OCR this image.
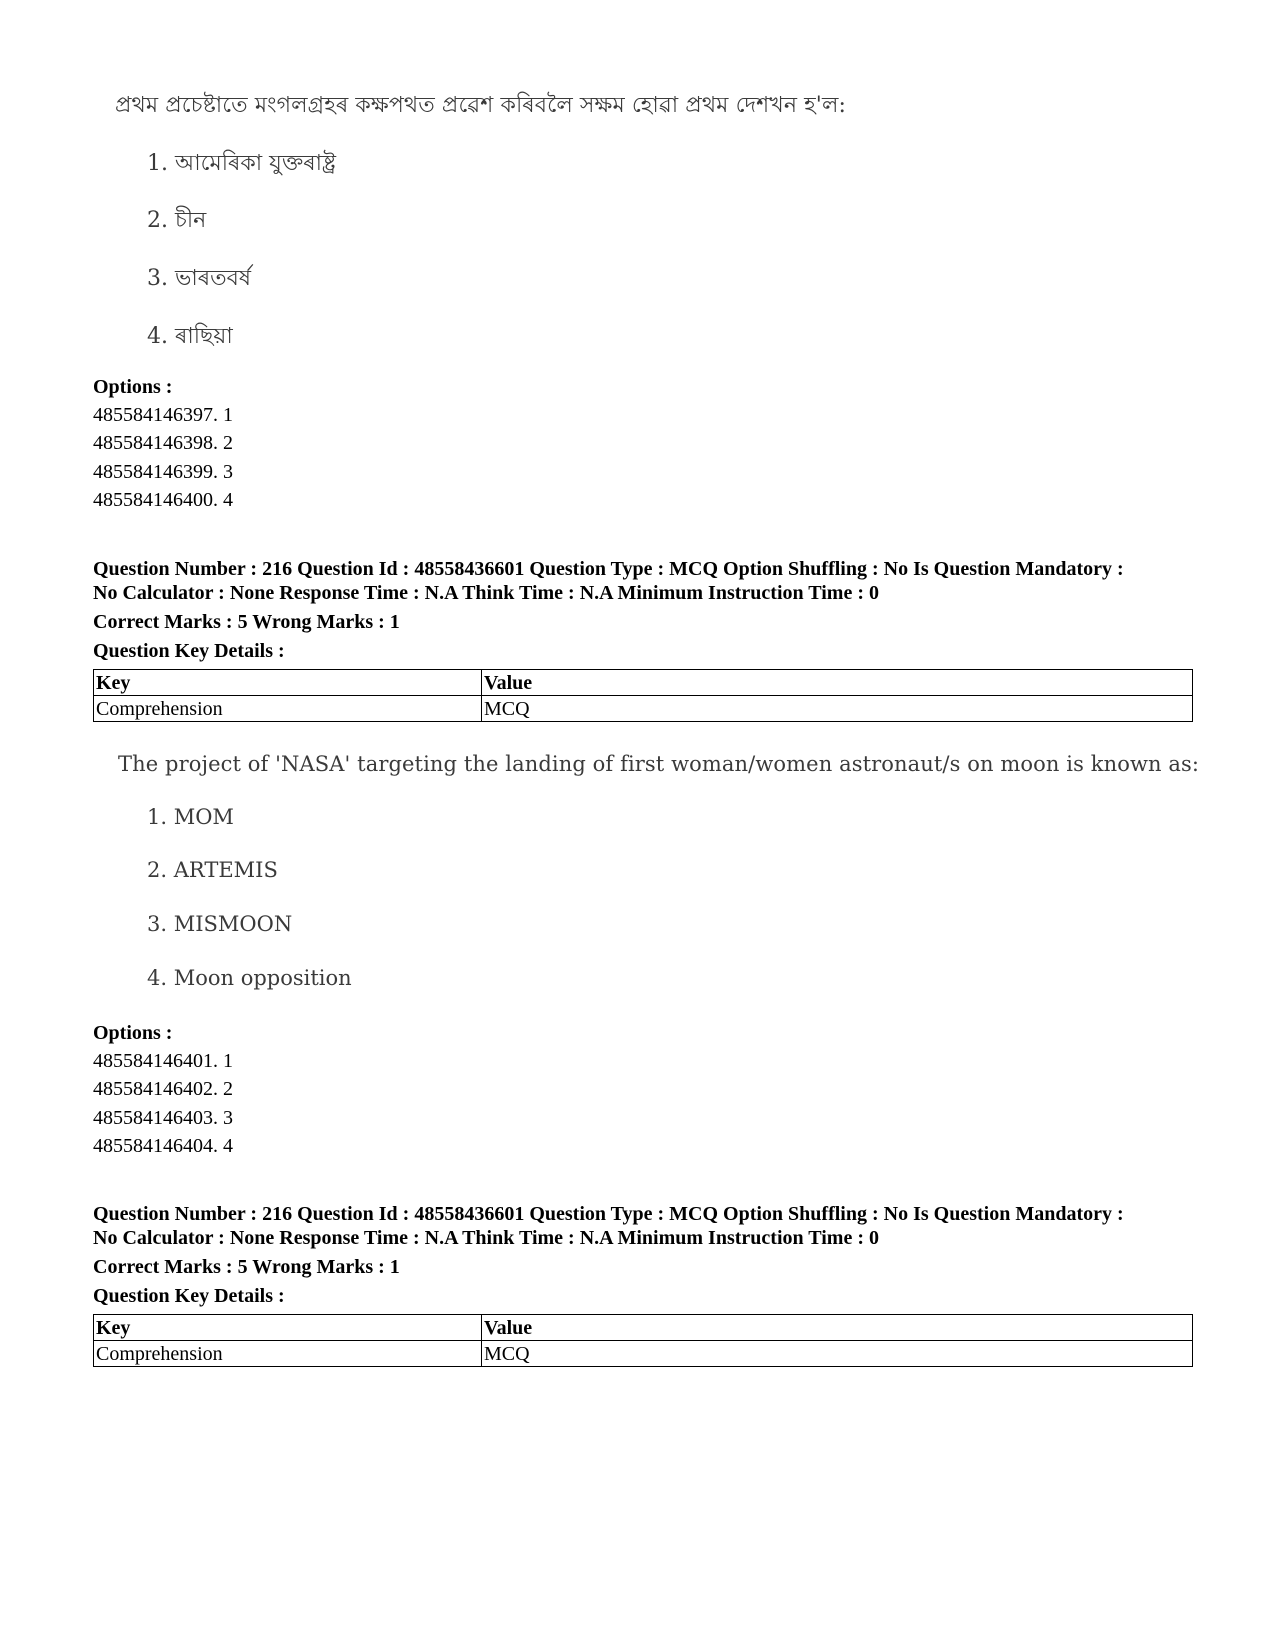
প্ৰথম প্ৰচেষ্টাতে মংগলগ্ৰহৰ কক্ষপথত প্ৰৱেশ কৰিবলৈ সক্ষম হোৱা প্ৰথম দেশখন হ'ল:
1. আমেৰিকা যুক্তৰাষ্ট্ৰ
2. চীন
3. ভাৰতবৰ্ষ
4. ৰাছিয়া
Options :
485584146397. 1
485584146398. 2
485584146399. 3
485584146400. 4
Question Number : 216 Question Id : 48558436601 Question Type : MCQ Option Shuffling : No Is Question Mandatory :
No Calculator : None Response Time : N.A Think Time : N.A Minimum Instruction Time : 0
Correct Marks : 5 Wrong Marks : 1
Question Key Details :
Key	Value
Comprehension	MCQ
The project of 'NASA' targeting the landing of first woman/women astronaut/s on moon is known as:
1. MOM
2. ARTEMIS
3. MISMOON
4. Moon opposition
Options :
485584146401. 1
485584146402. 2
485584146403. 3
485584146404. 4
Question Number : 216 Question Id : 48558436601 Question Type : MCQ Option Shuffling : No Is Question Mandatory :
No Calculator : None Response Time : N.A Think Time : N.A Minimum Instruction Time : 0
Correct Marks : 5 Wrong Marks : 1
Question Key Details :
Key	Value
Comprehension	MCQ
